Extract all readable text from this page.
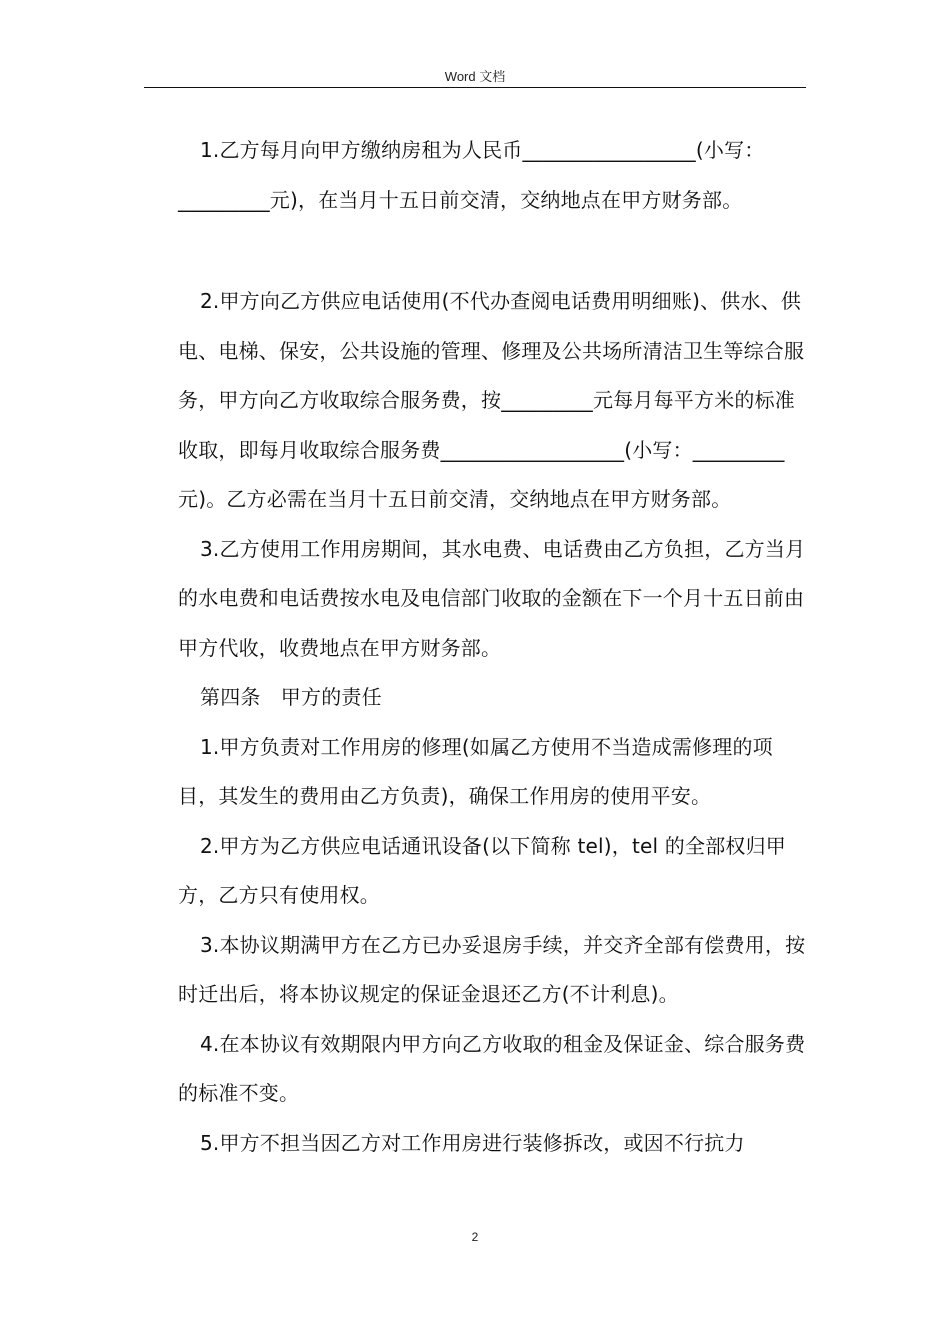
Word 文档

1.乙方每月向甲方缴纳房租为人民币_________________(小写：_________元)，在当月十五日前交清，交纳地点在甲方财务部。

2.甲方向乙方供应电话使用(不代办查阅电话费用明细账)、供水、供电、电梯、保安，公共设施的管理、修理及公共场所清洁卫生等综合服务，甲方向乙方收取综合服务费，按_________元每月每平方米的标准收取，即每月收取综合服务费__________________(小写：_________元)。乙方必需在当月十五日前交清，交纳地点在甲方财务部。

3.乙方使用工作用房期间，其水电费、电话费由乙方负担，乙方当月的水电费和电话费按水电及电信部门收取的金额在下一个月十五日前由甲方代收，收费地点在甲方财务部。

第四条　甲方的责任

1.甲方负责对工作用房的修理(如属乙方使用不当造成需修理的项目，其发生的费用由乙方负责)，确保工作用房的使用平安。

2.甲方为乙方供应电话通讯设备(以下简称 tel)，tel 的全部权归甲方，乙方只有使用权。

3.本协议期满甲方在乙方已办妥退房手续，并交齐全部有偿费用，按时迁出后，将本协议规定的保证金退还乙方(不计利息)。

4.在本协议有效期限内甲方向乙方收取的租金及保证金、综合服务费的标准不变。

5.甲方不担当因乙方对工作用房进行装修拆改，或因不行抗力

2
